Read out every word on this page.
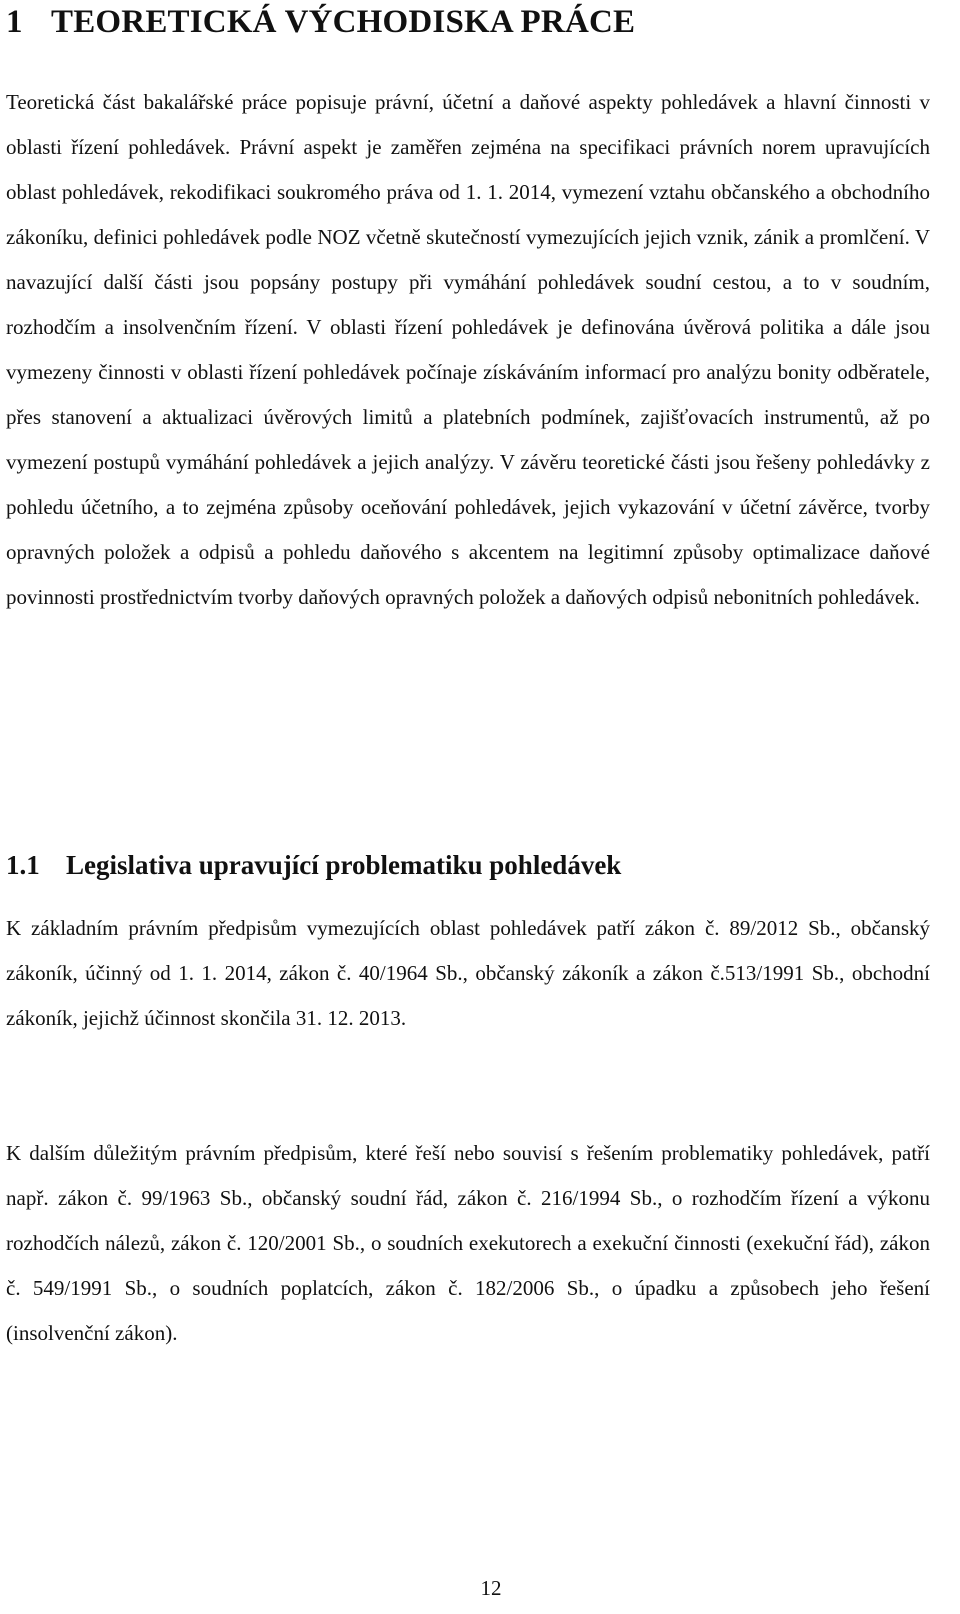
1 TEORETICKÁ VÝCHODISKA PRÁCE

Teoretická část bakalářské práce popisuje právní, účetní a daňové aspekty pohledávek a hlavní činnosti v oblasti řízení pohledávek. Právní aspekt je zaměřen zejména na specifikaci právních norem upravujících oblast pohledávek, rekodifikaci soukromého práva od 1. 1. 2014, vymezení vztahu občanského a obchodního zákoníku, definici pohledávek podle NOZ včetně skutečností vymezujících jejich vznik, zánik a promlčení. V navazující další části jsou popsány postupy při vymáhání pohledávek soudní cestou, a to v soudním, rozhodčím a insolvenčním řízení. V oblasti řízení pohledávek je definována úvěrová politika a dále jsou vymezeny činnosti v oblasti řízení pohledávek počínaje získáváním informací pro analýzu bonity odběratele, přes stanovení a aktualizaci úvěrových limitů a platebních podmínek, zajišťovacích instrumentů, až po vymezení postupů vymáhání pohledávek a jejich analýzy. V závěru teoretické části jsou řešeny pohledávky z pohledu účetního, a to zejména způsoby oceňování pohledávek, jejich vykazování v účetní závěrce, tvorby opravných položek a odpisů a pohledu daňového s akcentem na legitimní způsoby optimalizace daňové povinnosti prostřednictvím tvorby daňových opravných položek a daňových odpisů nebonitních pohledávek.

1.1 Legislativa upravující problematiku pohledávek

K základním právním předpisům vymezujících oblast pohledávek patří zákon č. 89/2012 Sb., občanský zákoník, účinný od 1. 1. 2014, zákon č. 40/1964 Sb., občanský zákoník a zákon č.513/1991 Sb., obchodní zákoník, jejichž účinnost skončila 31. 12. 2013.

K dalším důležitým právním předpisům, které řeší nebo souvisí s řešením problematiky pohledávek, patří např. zákon č. 99/1963 Sb., občanský soudní řád, zákon č. 216/1994 Sb., o rozhodčím řízení a výkonu rozhodčích nálezů, zákon č. 120/2001 Sb., o soudních exekutorech a exekuční činnosti (exekuční řád), zákon č. 549/1991 Sb., o soudních poplatcích, zákon č. 182/2006 Sb., o úpadku a způsobech jeho řešení (insolvenční zákon).

12
